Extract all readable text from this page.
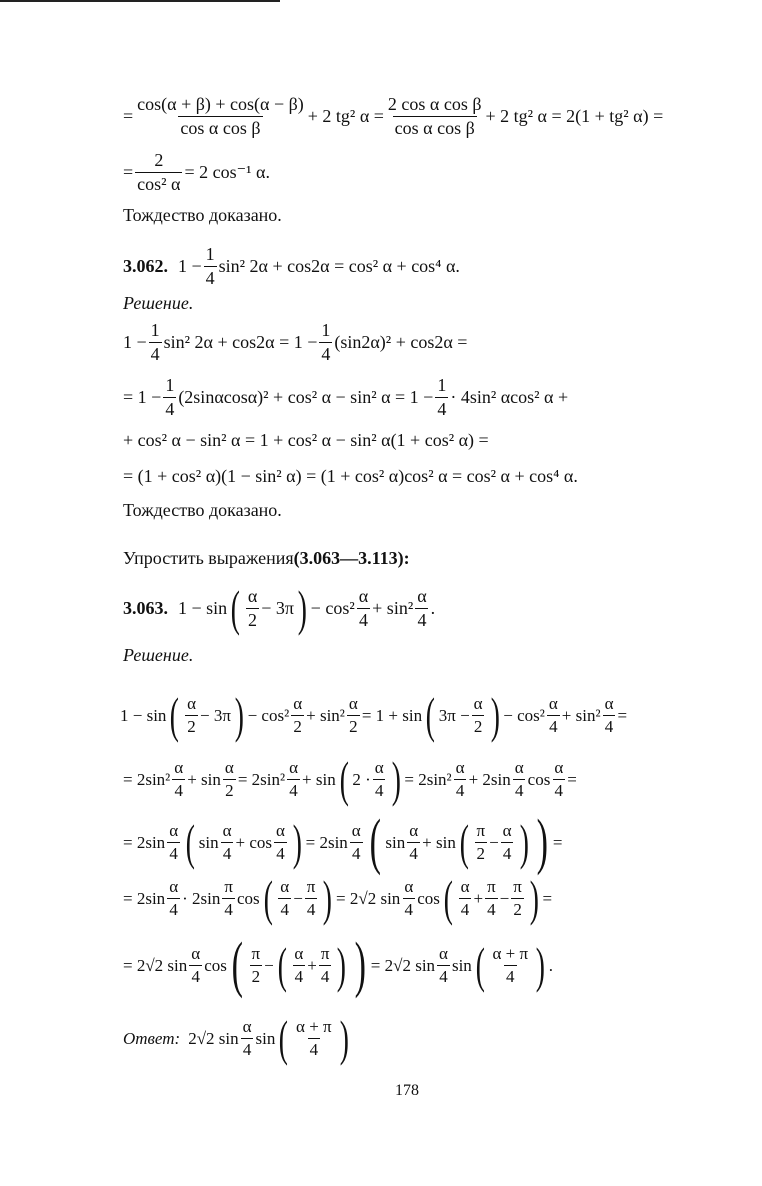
= $\frac{\cos(\alpha + \beta) + \cos(\alpha - \beta)}{\text{cos α cos β}} + 2$ tg² $\alpha = \frac{\text{2 cos α cos β}}{\text{cos α cos β}} + 2$ tg² α = 2(1 + tg² α) =
= $\frac{2}{\text{cos² α}} = 2$ cos⁻¹ α.
Тождество доказано.
3.062. $1 - \frac{1}{4} \sin^2$ 2α + cos2α = cos² α + cos⁴ α.
Решение.
$1 - \frac{1}{4} \sin^2$ $2\alpha + \cos 2\alpha = 1 - \frac{1}{4} (\sin 2\alpha)^2 + \cos 2\alpha$ =
= $1 - \frac{1}{4} (2\sin\alpha\cos\alpha)^2 + \cos^2$ α − sin² $\alpha = 1 - \frac{1}{4} \cdot 4\sin^2$ αcos² α +
+ cos² α − sin² α = 1 + cos² α − sin² α(1 + cos² α) =
= (1 + cos² α)(1 − sin² α) = (1 + cos² α)cos² α = cos² α + cos⁴ α.
Тождество доказано.
Упростить выражения (3.063—3.113):
3.063. 1 − sin ( $\frac{\alpha}{2} - 3\pi$ ) − $\cos^2 \frac{\alpha}{4} + \sin^2 \frac{\alpha}{4}$ .
Решение.
1 − sin ( $\frac{\alpha}{2} - 3\pi$ ) − $\cos^2 \frac{\alpha}{2} + \sin^2 \frac{\alpha}{2} = 1 + \sin$ ( $3\pi - \frac{\alpha}{2}$ ) − $\cos^2 \frac{\alpha}{4} + \sin^2 \frac{\alpha}{4}$ =
= $2\sin^2 \frac{\alpha}{4} + \sin \frac{\alpha}{2} = 2\sin^2 \frac{\alpha}{4} + \sin$ ( $2 \cdot \frac{\alpha}{4}$ ) = $2\sin^2 \frac{\alpha}{4} + 2\sin \frac{\alpha}{4}$ $\cos \frac{\alpha}{4}$ =
= $2\sin \frac{\alpha}{4}$ ( $\sin \frac{\alpha}{4} + \cos \frac{\alpha}{4}$ ) = $2\sin \frac{\alpha}{4}$ ( $\sin \frac{\alpha}{4} + \sin$ ( $\frac{\pi}{2} - \frac{\alpha}{4}$ ) ) =
= $2\sin \frac{\alpha}{4} \cdot 2\sin \frac{\pi}{4}$ cos ( $\frac{\alpha}{4} - \frac{\pi}{4}$ ) = 2√2 $\sin \frac{\alpha}{4}$ cos ( $\frac{\alpha}{4} + \frac{\pi}{4} - \frac{\pi}{2}$ ) =
= 2√2 $\sin \frac{\alpha}{4}$ cos ( $\frac{\pi}{2}$ − ( $\frac{\alpha}{4} + \frac{\pi}{4}$ ) ) = 2√2 $\sin \frac{\alpha}{4}$ sin ( $\frac{\alpha + \pi}{4}$ ) .
Ответ: 2√2 $\sin \frac{\alpha}{4}$ sin ( $\frac{\alpha + \pi}{4}$ )
178
